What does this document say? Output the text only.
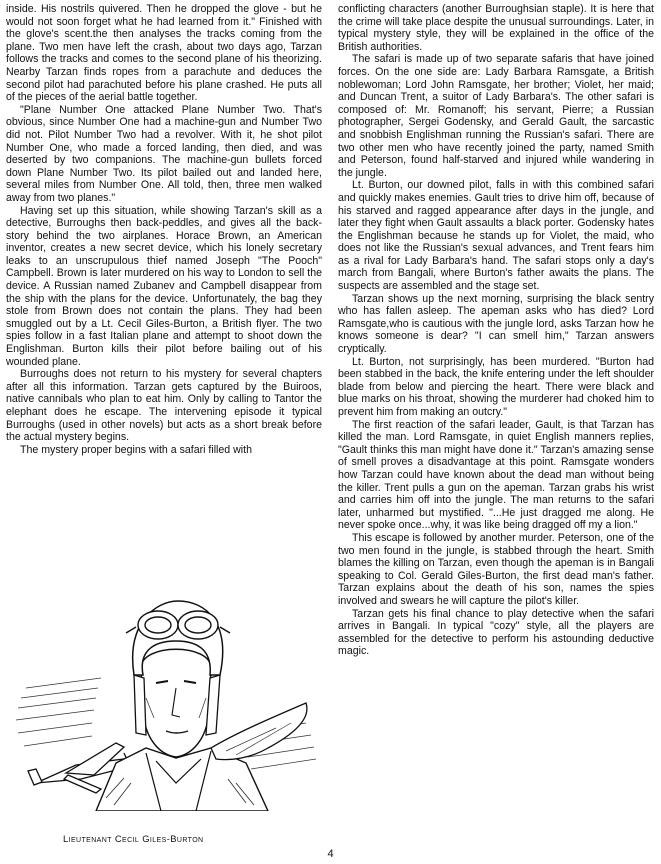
inside. His nostrils quivered. Then he dropped the glove - but he would not soon forget what he had learned from it." Finished with the glove's scent.the then analyses the tracks coming from the plane. Two men have left the crash, about two days ago, Tarzan follows the tracks and comes to the second plane of his theorizing. Nearby Tarzan finds ropes from a parachute and deduces the second pilot had parachuted before his plane crashed. He puts all of the pieces of the aerial battle together.

"Plane Number One attacked Plane Number Two. That's obvious, since Number One had a machine-gun and Number Two did not. Pilot Number Two had a revolver. With it, he shot pilot Number One, who made a forced landing, then died, and was deserted by two companions. The machine-gun bullets forced down Plane Number Two. Its pilot bailed out and landed here, several miles from Number One. All told, then, three men walked away from two planes."

Having set up this situation, while showing Tarzan's skill as a detective, Burroughs then back-peddles, and gives all the back-story behind the two airplanes. Horace Brown, an American inventor, creates a new secret device, which his lonely secretary leaks to an unscrupulous thief named Joseph "The Pooch" Campbell. Brown is later murdered on his way to London to sell the device. A Russian named Zubanev and Campbell disappear from the ship with the plans for the device. Unfortunately, the bag they stole from Brown does not contain the plans. They had been smuggled out by a Lt. Cecil Giles-Burton, a British flyer. The two spies follow in a fast Italian plane and attempt to shoot down the Englishman. Burton kills their pilot before bailing out of his wounded plane.

Burroughs does not return to his mystery for several chapters after all this information. Tarzan gets captured by the Buiroos, native cannibals who plan to eat him. Only by calling to Tantor the elephant does he escape. The intervening episode it typical Burroughs (used in other novels) but acts as a short break before the actual mystery begins.

The mystery proper begins with a safari filled with

conflicting characters (another Burroughsian staple). It is here that the crime will take place despite the unusual surroundings. Later, in typical mystery style, they will be explained in the office of the British authorities.

The safari is made up of two separate safaris that have joined forces. On the one side are: Lady Barbara Ramsgate, a British noblewoman; Lord John Ramsgate, her brother; Violet, her maid; and Duncan Trent, a suitor of Lady Barbara's. The other safari is composed of: Mr. Romanoff; his servant, Pierre; a Russian photographer, Sergei Godensky, and Gerald Gault, the sarcastic and snobbish Englishman running the Russian's safari. There are two other men who have recently joined the party, named Smith and Peterson, found half-starved and injured while wandering in the jungle.

Lt. Burton, our downed pilot, falls in with this combined safari and quickly makes enemies. Gault tries to drive him off, because of his starved and ragged appearance after days in the jungle, and later they fight when Gault assaults a black porter. Godensky hates the Englishman because he stands up for Violet, the maid, who does not like the Russian's sexual advances, and Trent fears him as a rival for Lady Barbara's hand. The safari stops only a day's march from Bangali, where Burton's father awaits the plans. The suspects are assembled and the stage set.

Tarzan shows up the next morning, surprising the black sentry who has fallen asleep. The apeman asks who has died? Lord Ramsgate,who is cautious with the jungle lord, asks Tarzan how he knows someone is dear? "I can smell him," Tarzan answers cryptically.

Lt. Burton, not surprisingly, has been murdered. "Burton had been stabbed in the back, the knife entering under the left shoulder blade from below and piercing the heart. There were black and blue marks on his throat, showing the murderer had choked him to prevent him from making an outcry."

The first reaction of the safari leader, Gault, is that Tarzan has killed the man. Lord Ramsgate, in quiet English manners replies, "Gault thinks this man might have done it." Tarzan's amazing sense of smell proves a disadvantage at this point. Ramsgate wonders how Tarzan could have known about the dead man without being the killer. Trent pulls a gun on the apeman. Tarzan grabs his wrist and carries him off into the jungle. The man returns to the safari later, unharmed but mystified. "...He just dragged me along. He never spoke once...why, it was like being dragged off my a lion."

This escape is followed by another murder. Peterson, one of the two men found in the jungle, is stabbed through the heart. Smith blames the killing on Tarzan, even though the apeman is in Bangali speaking to Col. Gerald Giles-Burton, the first dead man's father. Tarzan explains about the death of his son, names the spies involved and swears he will capture the pilot's killer.

Tarzan gets his final chance to play detective when the safari arrives in Bangali. In typical "cozy" style, all the players are assembled for the detective to perform his astounding deductive magic.

Lieutenant Cecil Giles-Burton
4
